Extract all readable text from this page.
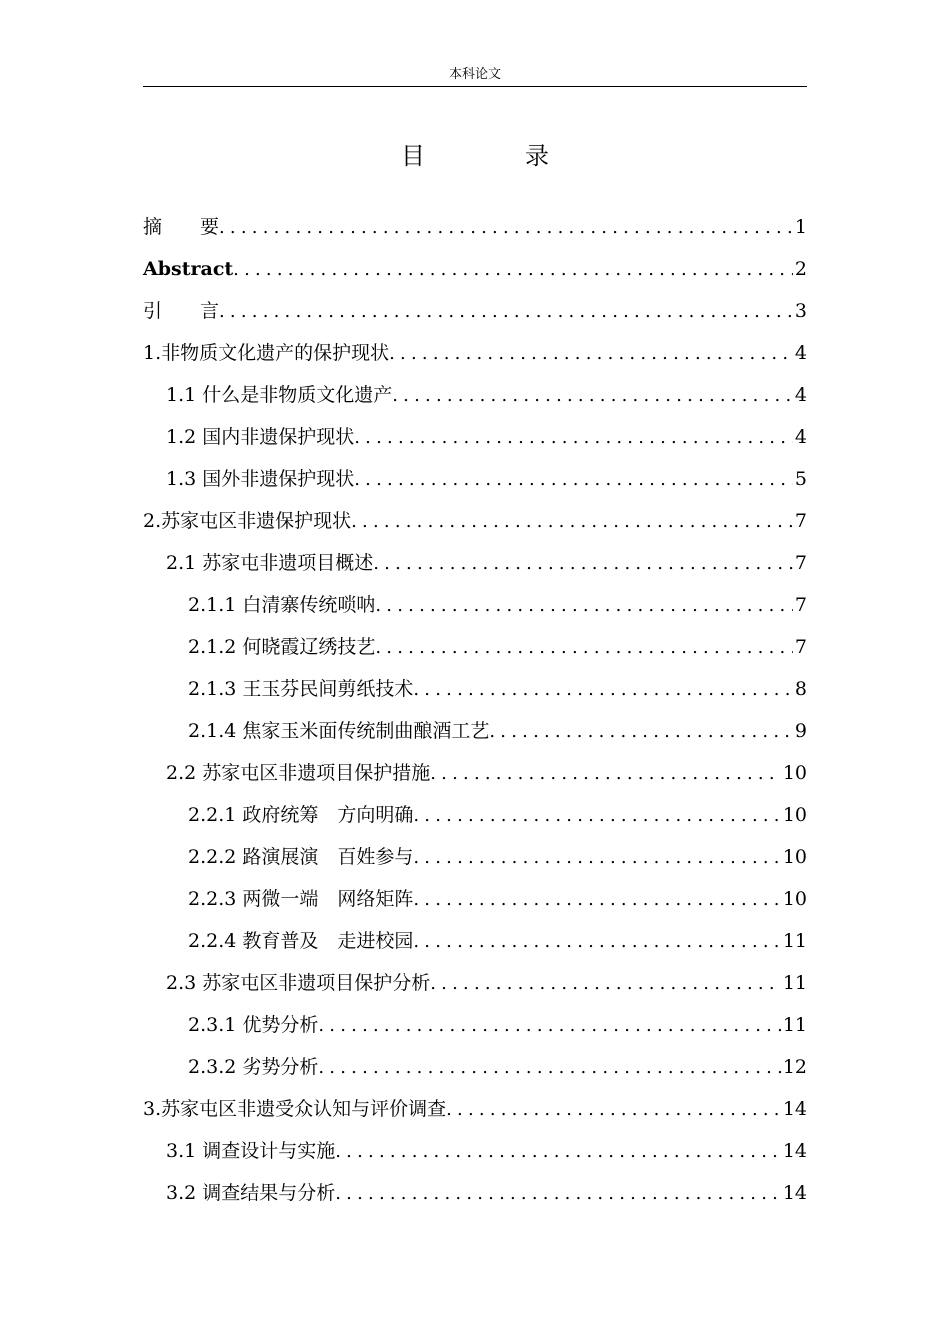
本科论文
目　录
摘　　要 .....	1
Abstract .....	2
引　　言 .....	3
1.非物质文化遗产的保护现状 .....	4
1.1 什么是非物质文化遗产 .....	4
1.2 国内非遗保护现状 .....	4
1.3 国外非遗保护现状 .....	5
2.苏家屯区非遗保护现状 .....	7
2.1 苏家屯非遗项目概述 .....	7
2.1.1 白清寨传统唢呐 .....	7
2.1.2 何晓霞辽绣技艺 .....	7
2.1.3 王玉芬民间剪纸技术 .....	8
2.1.4 焦家玉米面传统制曲酿酒工艺 .....	9
2.2 苏家屯区非遗项目保护措施 .....	10
2.2.1 政府统筹　方向明确 .....	10
2.2.2 路演展演　百姓参与 .....	10
2.2.3 两微一端　网络矩阵 .....	10
2.2.4 教育普及　走进校园 .....	11
2.3 苏家屯区非遗项目保护分析 .....	11
2.3.1 优势分析 .....	11
2.3.2 劣势分析 .....	12
3.苏家屯区非遗受众认知与评价调查 .....	14
3.1 调查设计与实施 .....	14
3.2 调查结果与分析 .....	14
